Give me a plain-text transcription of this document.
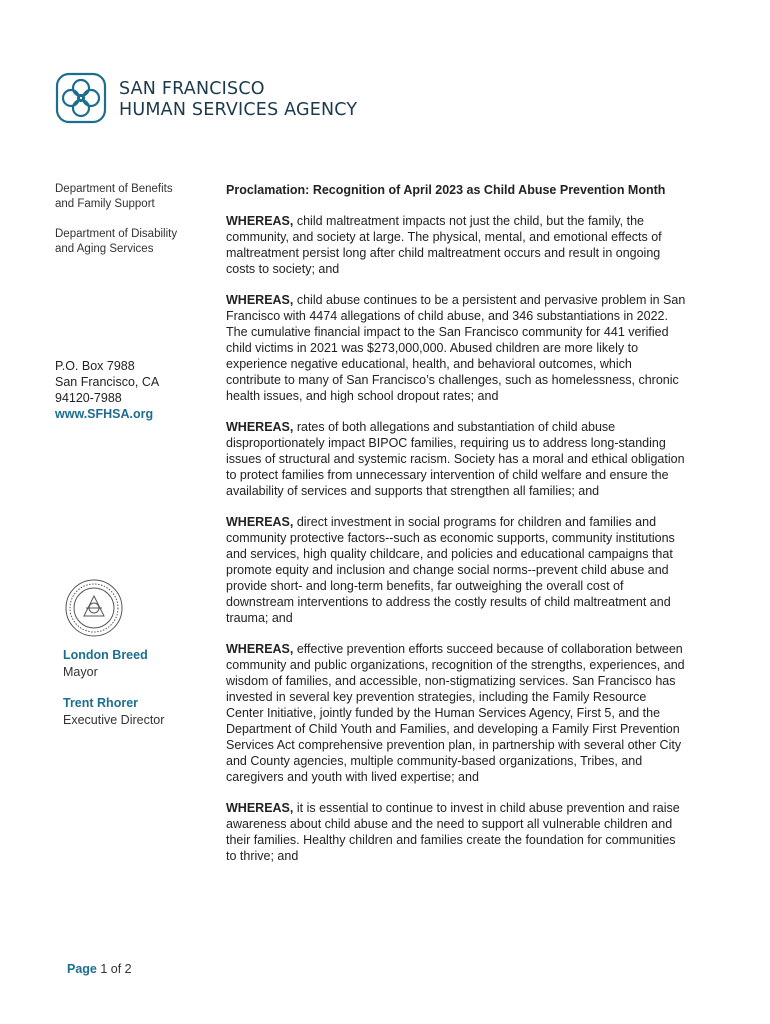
SAN FRANCISCO
HUMAN SERVICES AGENCY
Department of Benefits
and Family Support
Department of Disability
and Aging Services
P.O. Box 7988
San Francisco, CA
94120-7988
www.SFHSA.org
London Breed
Mayor
Trent Rhorer
Executive Director
Proclamation: Recognition of April 2023 as Child Abuse Prevention Month

WHEREAS, child maltreatment impacts not just the child, but the family, the community, and society at large. The physical, mental, and emotional effects of maltreatment persist long after child maltreatment occurs and result in ongoing costs to society; and

WHEREAS, child abuse continues to be a persistent and pervasive problem in San Francisco with 4474 allegations of child abuse, and 346 substantiations in 2022. The cumulative financial impact to the San Francisco community for 441 verified child victims in 2021 was $273,000,000. Abused children are more likely to experience negative educational, health, and behavioral outcomes, which contribute to many of San Francisco’s challenges, such as homelessness, chronic health issues, and high school dropout rates; and

WHEREAS, rates of both allegations and substantiation of child abuse disproportionately impact BIPOC families, requiring us to address long-standing issues of structural and systemic racism. Society has a moral and ethical obligation to protect families from unnecessary intervention of child welfare and ensure the availability of services and supports that strengthen all families; and

WHEREAS, direct investment in social programs for children and families and community protective factors--such as economic supports, community institutions and services, high quality childcare, and policies and educational campaigns that promote equity and inclusion and change social norms--prevent child abuse and provide short- and long-term benefits, far outweighing the overall cost of downstream interventions to address the costly results of child maltreatment and trauma; and

WHEREAS, effective prevention efforts succeed because of collaboration between community and public organizations, recognition of the strengths, experiences, and wisdom of families, and accessible, non-stigmatizing services. San Francisco has invested in several key prevention strategies, including the Family Resource Center Initiative, jointly funded by the Human Services Agency, First 5, and the Department of Child Youth and Families, and developing a Family First Prevention Services Act comprehensive prevention plan, in partnership with several other City and County agencies, multiple community-based organizations, Tribes, and caregivers and youth with lived expertise; and

WHEREAS, it is essential to continue to invest in child abuse prevention and raise awareness about child abuse and the need to support all vulnerable children and their families. Healthy children and families create the foundation for communities to thrive; and

Page 1 of 2
